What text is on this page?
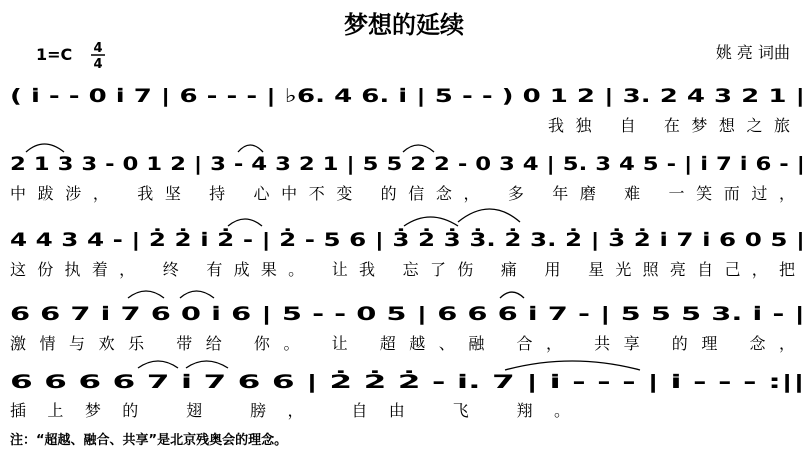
梦想的延续
1=C 4
4
姚 亮 词曲
( i̇ - - 0 i̇ 7 | 6 - - - | ♭6. 4 6. i̇ | 5 - - ) 0 1 2 | 3. 2 4 3 2 1 |
我独 自 在梦想之旅
2 1 3 3 - 0 1 2 | 3 - 4 3 2 1 | 5 5 2 2 - 0 3 4 | 5. 3 4 5 - | i̇ 7 i̇ 6 - |
中跋涉， 我坚 持 心中不变 的信念， 多 年磨 难 一笑而过，
4 4 3 4 - | 2̇ 2̇ i̇ 2̇ - | 2̇ - 5 6 | 3̇ 2̇ 3̇ 3̇. 2̇ 3. 2̇ | 3̇ 2̇ i̇ 7 i̇ 6 0 5 |
这份执着， 终 有成果。 让我 忘了伤 痛 用 星光照亮自己，把
6 6 7 i̇ 7 6 0 i̇ 6 | 5 - - 0 5 | 6 6 6 i̇ 7 - | 5 5 5 3. i̇ - |
激情与欢乐 带给 你。 让 超越、融 合， 共享 的理 念，
6 6 6 6 7 i̇ 7 6 6 | 2̇ 2̇ 2̇ - i̇. 7 | i̇ - - - | i̇ - - - :||
插上梦的 翅 膀， 自由 飞 翔。
注：“超越、融合、共享”是北京残奥会的理念。
